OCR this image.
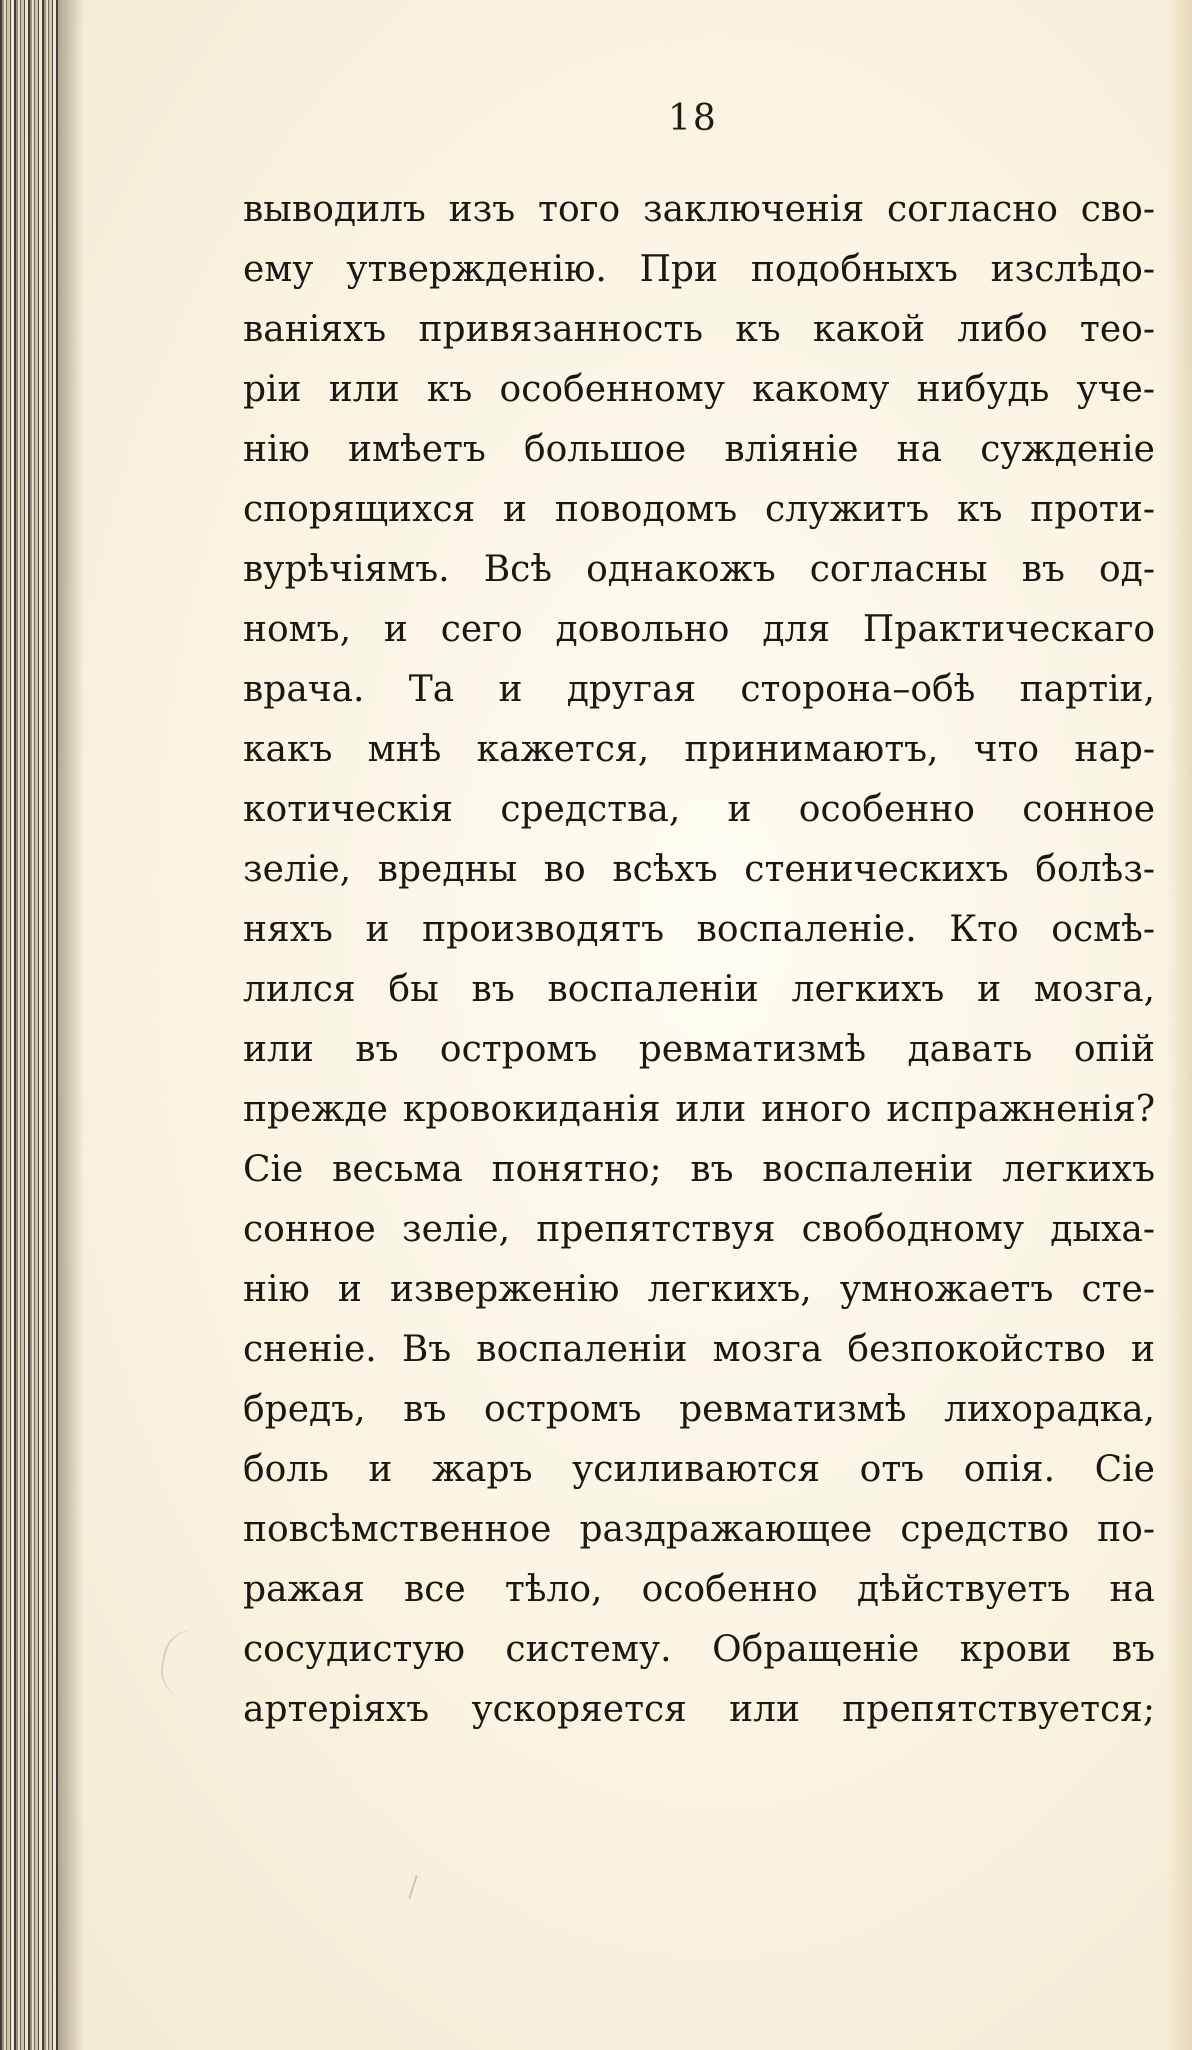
18
выводилъ изъ того заключенія согласно сво-
ему утвержденію. При подобныхъ изслѣдо-
ваніяхъ привязанность къ какой либо тео-
ріи или къ особенному какому нибудь уче-
нію имѣетъ большое вліяніе на сужденіе
спорящихся и поводомъ служитъ къ проти-
вурѣчіямъ. Всѣ однакожъ согласны въ од-
номъ, и сего довольно для Практическаго
врача. Та и другая сторона–обѣ партіи,
какъ мнѣ кажется, принимаютъ, что нар-
котическія средства, и особенно сонное
зеліе, вредны во всѣхъ стеническихъ болѣз-
няхъ и производятъ воспаленіе. Кто осмѣ-
лился бы въ воспаленіи легкихъ и мозга,
или въ остромъ ревматизмѣ давать опій
прежде кровокиданія или иного испражненія?
Сіе весьма понятно; въ воспаленіи легкихъ
сонное зеліе, препятствуя свободному дыха-
нію и изверженію легкихъ, умножаетъ сте-
сненіе. Въ воспаленіи мозга безпокойство и
бредъ, въ остромъ ревматизмѣ лихорадка,
боль и жаръ усиливаются отъ опія. Сіе
повсѣмственное раздражающее средство по-
ражая все тѣло, особенно дѣйствуетъ на
сосудистую систему. Обращеніе крови въ
артеріяхъ ускоряется или препятствуется;
